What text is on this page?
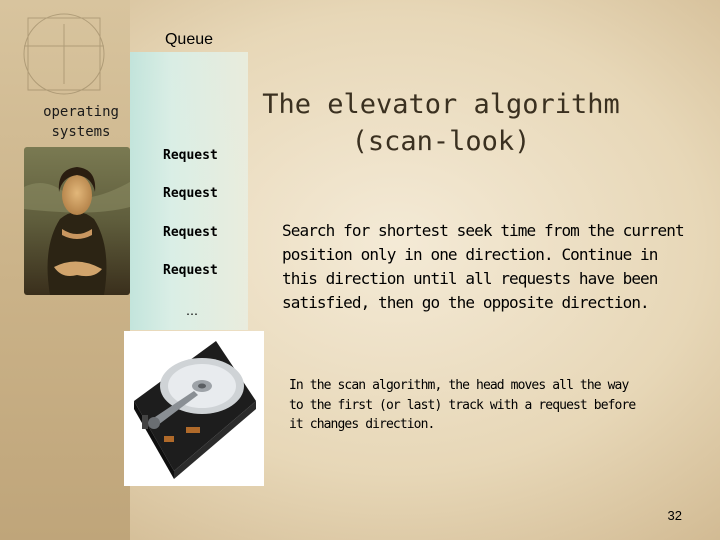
Queue
operating systems
Request
Request
Request
Request
…
The elevator algorithm
(scan-look)
Search for shortest seek time from the current position only in one direction. Continue in this direction until all requests have been satisfied, then go the opposite direction.
In the scan algorithm, the head moves all the way to the first (or last) track with a request before it changes direction.
32
